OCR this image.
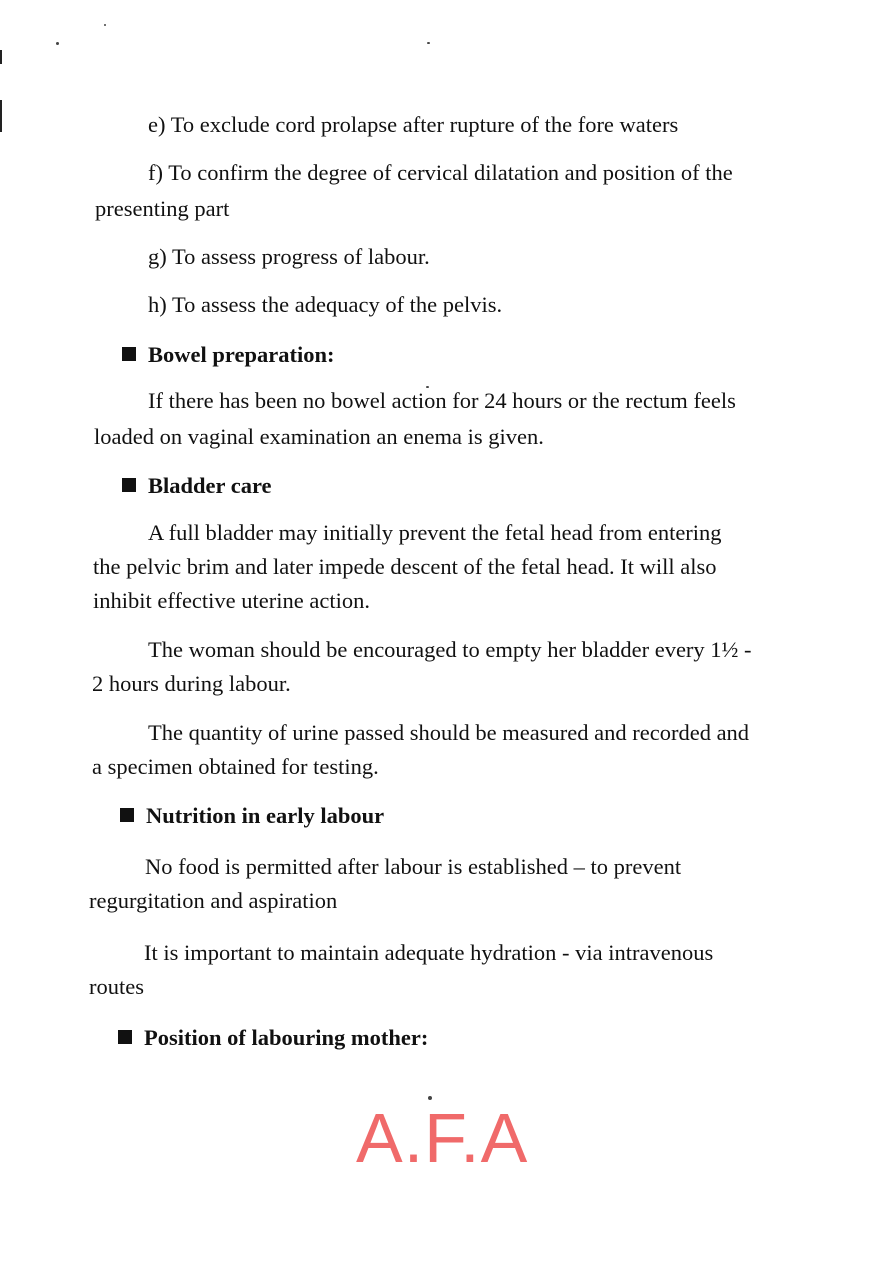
e) To exclude cord prolapse after rupture of the fore waters
f) To confirm the degree of cervical dilatation and position of the
presenting part
g) To assess progress of labour.
h) To assess the adequacy of the pelvis.
Bowel preparation:
If there has been no bowel action for 24 hours or the rectum feels
loaded on vaginal examination an enema is given.
Bladder care
A full bladder may initially prevent the fetal head from entering
the pelvic brim and later impede descent of the fetal head. It will also
inhibit effective uterine action.
The woman should be encouraged to empty her bladder every 1½ -
2 hours during labour.
The quantity of urine passed should be measured and recorded and
a specimen obtained for testing.
Nutrition in early labour
No food is permitted after labour is established – to prevent
regurgitation and aspiration
It is important to maintain adequate hydration - via intravenous
routes
Position of labouring mother:
A.F.A
